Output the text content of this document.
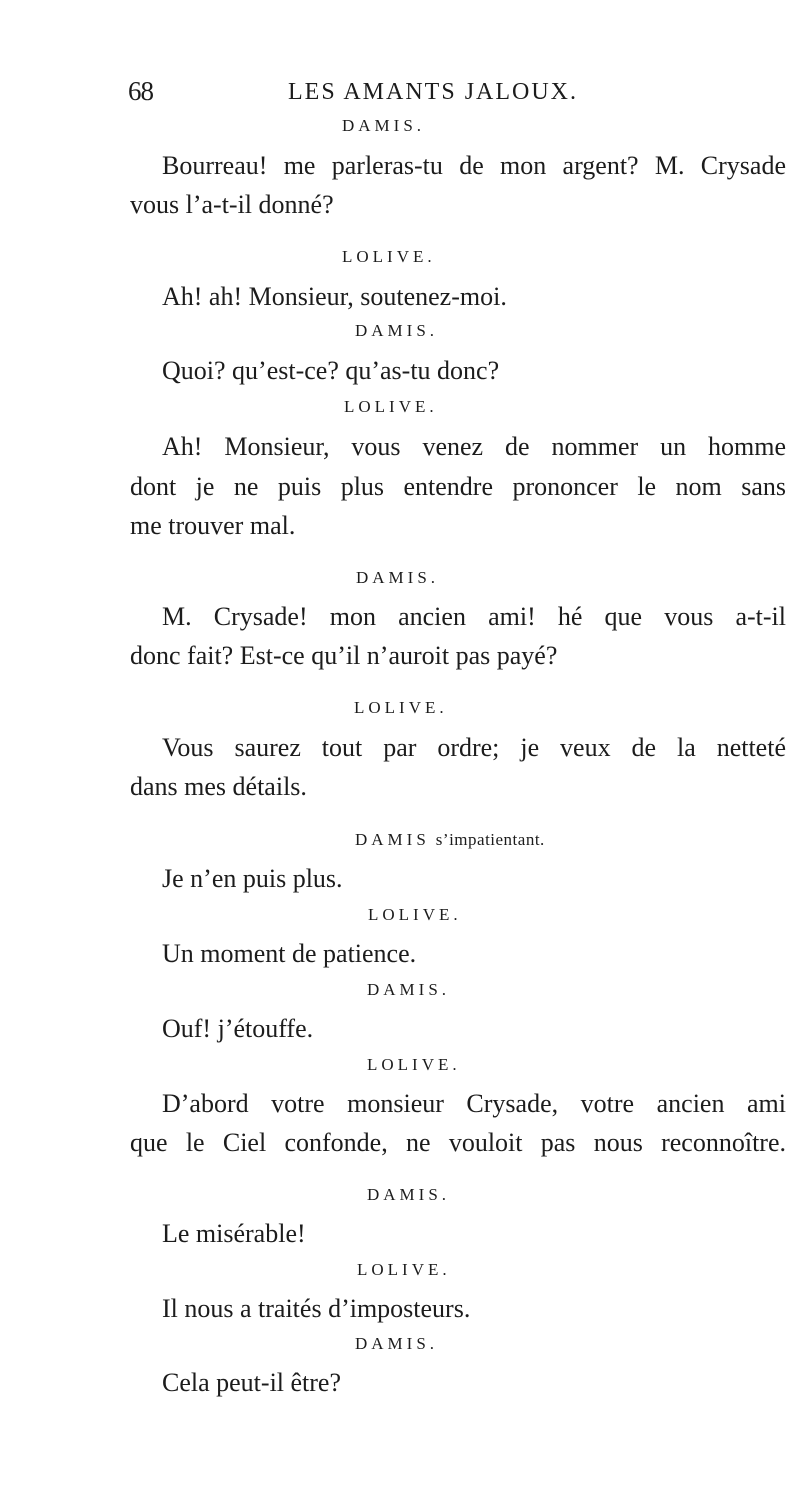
68	LES AMANTS JALOUX.
DAMIS.
Bourreau! me parleras-tu de mon argent? M. Crysade
vous l’a-t-il donné?
LOLIVE.
Ah! ah! Monsieur, soutenez-moi.
DAMIS.
Quoi? qu’est-ce? qu’as-tu donc?
LOLIVE.
Ah! Monsieur, vous venez de nommer un homme
dont je ne puis plus entendre prononcer le nom sans
me trouver mal.
DAMIS.
M. Crysade! mon ancien ami! hé que vous a-t-il
donc fait? Est-ce qu’il n’auroit pas payé?
LOLIVE.
Vous saurez tout par ordre; je veux de la netteté
dans mes détails.
DAMIS s’impatientant.
Je n’en puis plus.
LOLIVE.
Un moment de patience.
DAMIS.
Ouf! j’étouffe.
LOLIVE.
D’abord votre monsieur Crysade, votre ancien ami
que le Ciel confonde, ne vouloit pas nous reconnoître.
DAMIS.
Le misérable!
LOLIVE.
Il nous a traités d’imposteurs.
DAMIS.
Cela peut-il être?
